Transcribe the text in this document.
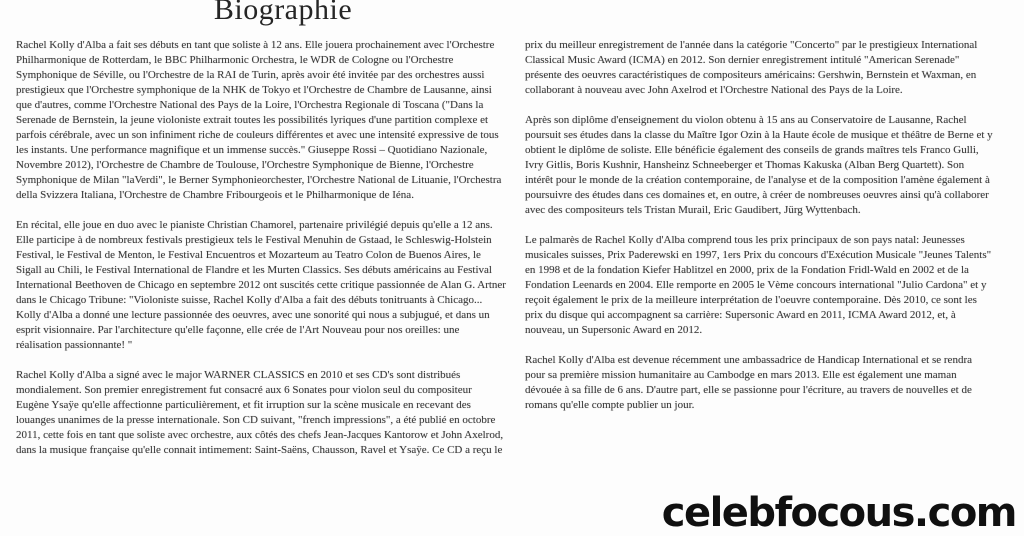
Biographie

Rachel Kolly d'Alba a fait ses débuts en tant que soliste à 12 ans. Elle jouera prochainement avec l'Orchestre Philharmonique de Rotterdam, le BBC Philharmonic Orchestra, le WDR de Cologne ou l'Orchestre Symphonique de Séville, ou l'Orchestre de la RAI de Turin, après avoir été invitée par des orchestres aussi prestigieux que l'Orchestre symphonique de la NHK de Tokyo et l'Orchestre de Chambre de Lausanne, ainsi que d'autres, comme l'Orchestre National des Pays de la Loire, l'Orchestra Regionale di Toscana ("Dans la Serenade de Bernstein, la jeune violoniste extrait toutes les possibilités lyriques d'une partition complexe et parfois cérébrale, avec un son infiniment riche de couleurs différentes et avec une intensité expressive de tous les instants. Une performance magnifique et un immense succès." Giuseppe Rossi – Quotidiano Nazionale, Novembre 2012), l'Orchestre de Chambre de Toulouse, l'Orchestre Symphonique de Bienne, l'Orchestre Symphonique de Milan "laVerdi", le Berner Symphonieorchester, l'Orchestre National de Lituanie, l'Orchestra della Svizzera Italiana, l'Orchestre de Chambre Fribourgeois et le Philharmonique de Iéna.

En récital, elle joue en duo avec le pianiste Christian Chamorel, partenaire privilégié depuis qu'elle a 12 ans. Elle participe à de nombreux festivals prestigieux tels le Festival Menuhin de Gstaad, le Schleswig-Holstein Festival, le Festival de Menton, le Festival Encuentros et Mozarteum au Teatro Colon de Buenos Aires, le Sigall au Chili, le Festival International de Flandre et les Murten Classics. Ses débuts américains au Festival International Beethoven de Chicago en septembre 2012 ont suscités cette critique passionnée de Alan G. Artner dans le Chicago Tribune: "Violoniste suisse, Rachel Kolly d'Alba a fait des débuts tonitruants à Chicago... Kolly d'Alba a donné une lecture passionnée des oeuvres, avec une sonorité qui nous a subjugué, et dans un esprit visionnaire. Par l'architecture qu'elle façonne, elle crée de l'Art Nouveau pour nos oreilles: une réalisation passionnante! "

Rachel Kolly d'Alba a signé avec le major WARNER CLASSICS en 2010 et ses CD's sont distribués mondialement. Son premier enregistrement fut consacré aux 6 Sonates pour violon seul du compositeur Eugène Ysaÿe qu'elle affectionne particulièrement, et fit irruption sur la scène musicale en recevant des louanges unanimes de la presse internationale. Son CD suivant, "french impressions", a été publié en octobre 2011, cette fois en tant que soliste avec orchestre, aux côtés des chefs Jean-Jacques Kantorow et John Axelrod, dans la musique française qu'elle connait intimement: Saint-Saëns, Chausson, Ravel et Ysaÿe. Ce CD a reçu le

prix du meilleur enregistrement de l'année dans la catégorie "Concerto" par le prestigieux International Classical Music Award (ICMA) en 2012. Son dernier enregistrement intitulé "American Serenade" présente des oeuvres caractéristiques de compositeurs américains: Gershwin, Bernstein et Waxman, en collaborant à nouveau avec John Axelrod et l'Orchestre National des Pays de la Loire.

Après son diplôme d'enseignement du violon obtenu à 15 ans au Conservatoire de Lausanne, Rachel poursuit ses études dans la classe du Maître Igor Ozin à la Haute école de musique et théâtre de Berne et y obtient le diplôme de soliste. Elle bénéficie également des conseils de grands maîtres tels Franco Gulli, Ivry Gitlis, Boris Kushnir, Hansheinz Schneeberger et Thomas Kakuska (Alban Berg Quartett). Son intérêt pour le monde de la création contemporaine, de l'analyse et de la composition l'amène également à poursuivre des études dans ces domaines et, en outre, à créer de nombreuses oeuvres ainsi qu'à collaborer avec des compositeurs tels Tristan Murail, Eric Gaudibert, Jürg Wyttenbach.

Le palmarès de Rachel Kolly d'Alba comprend tous les prix principaux de son pays natal: Jeunesses musicales suisses, Prix Paderewski en 1997, 1ers Prix du concours d'Exécution Musicale "Jeunes Talents" en 1998 et de la fondation Kiefer Hablitzel en 2000, prix de la Fondation Fridl-Wald en 2002 et de la Fondation Leenards en 2004. Elle remporte en 2005 le Vème concours international "Julio Cardona" et y reçoit également le prix de la meilleure interprétation de l'oeuvre contemporaine. Dès 2010, ce sont les prix du disque qui accompagnent sa carrière: Supersonic Award en 2011, ICMA Award 2012, et, à nouveau, un Supersonic Award en 2012.

Rachel Kolly d'Alba est devenue récemment une ambassadrice de Handicap International et se rendra pour sa première mission humanitaire au Cambodge en mars 2013. Elle est également une maman dévouée à sa fille de 6 ans. D'autre part, elle se passionne pour l'écriture, au travers de nouvelles et de romans qu'elle compte publier un jour.

celebfocous.com
